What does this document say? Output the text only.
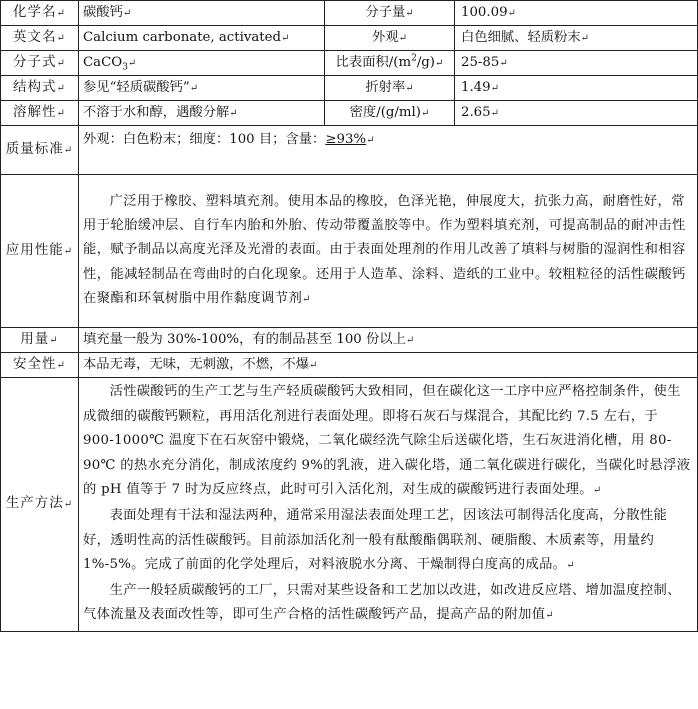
化学名↵	碳酸钙↵	分子量↵	100.09↵
英文名↵	Calcium carbonate, activated↵	外观↵	白色细腻、轻质粉末↵
分子式↵	CaCO$_3$↵	比表面积$/(m^2/g)↵$	25-85↵
结构式↵	参见“轻质碳酸钙”↵	折射率↵	1.49↵
溶解性↵	不溶于水和醇，遇酸分解↵	密度/(g/ml)↵	2.65↵
质量标准↵	外观：白色粉末；细度：100 目；含量：≥93%↵		
应用性能↵	广泛用于橡胶、塑料填充剂。使用本品的橡胶，色泽光艳，伸展度大，抗张力高，耐磨性好，常用于轮胎缓冲层、自行车内胎和外胎、传动带覆盖胶等中。作为塑料填充剂，可提高制品的耐冲击性能，赋予制品以高度光泽及光滑的表面。由于表面处理剂的作用儿改善了填料与树脂的湿润性和相容性，能减轻制品在弯曲时的白化现象。还用于人造革、涂料、造纸的工业中。较粗粒径的活性碳酸钙在聚酯和环氧树脂中用作黏度调节剂↵		

用量↵	填充量一般为 30%-100%，有的制品甚至 100 份以上↵		
安全性↵	本品无毒，无味，无刺激，不燃，不爆↵		
生产方法↵	活性碳酸钙的生产工艺与生产轻质碳酸钙大致相同，但在碳化这一工序中应严格控制条件，使生成微细的碳酸钙颗粒，再用活化剂进行表面处理。即将石灰石与煤混合，其配比约 7.5 左右，于 900-1000℃ 温度下在石灰窑中锻烧，二氧化碳经洗气除尘后送碳化塔，生石灰进消化槽，用 80-90℃ 的热水充分消化，制成浓度约 9%的乳液，进入碳化塔，通二氧化碳进行碳化，当碳化时悬浮液的 pH 值等于 7 时为反应终点，此时可引入活化剂，对生成的碳酸钙进行表面处理。↵

表面处理有干法和湿法两种，通常采用湿法表面处理工艺，因该法可制得活化度高，分散性能好，透明性高的活性碳酸钙。目前添加活化剂一般有酞酸酯偶联剂、硬脂酸、木质素等，用量约 1%-5%。完成了前面的化学处理后，对料液脱水分离、干燥制得白度高的成品。↵

生产一般轻质碳酸钙的工厂，只需对某些设备和工艺加以改进，如改进反应塔、增加温度控制、气体流量及表面改性等，即可生产合格的活性碳酸钙产品，提高产品的附加值↵		
